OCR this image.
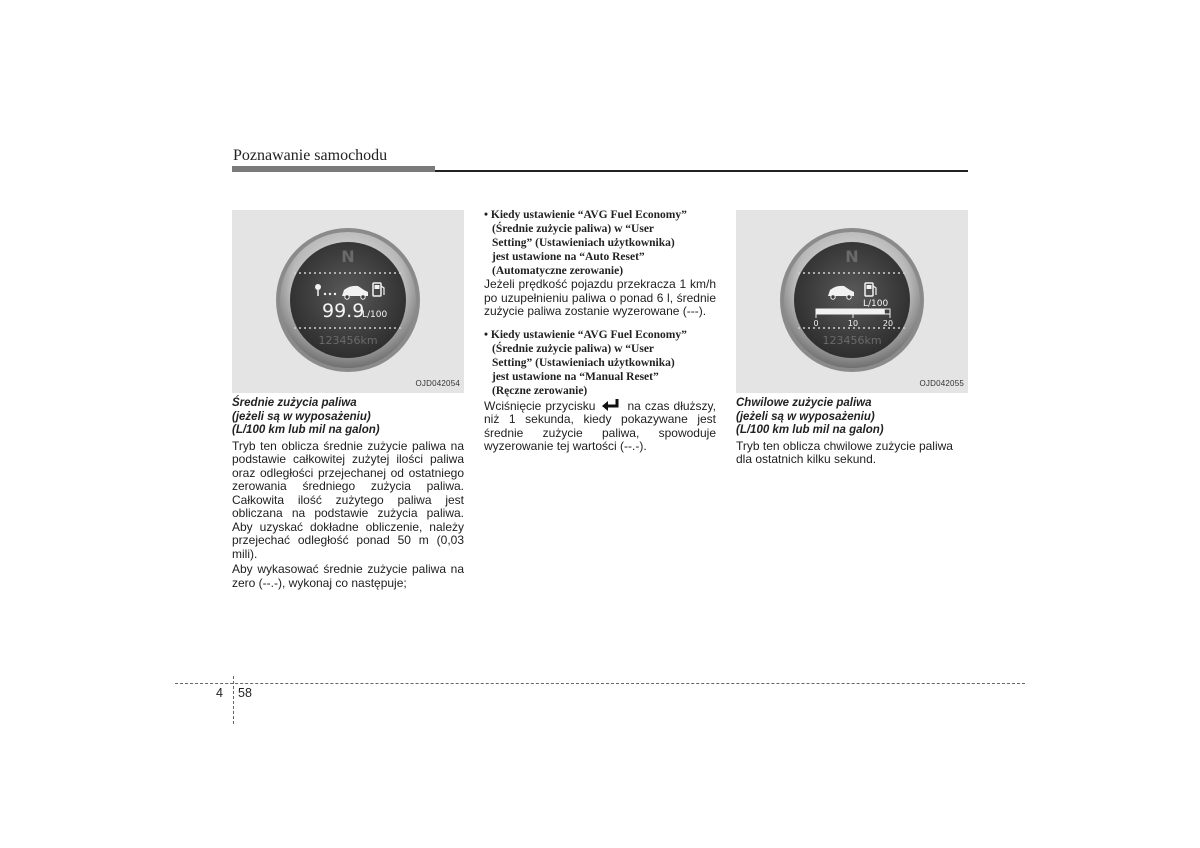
Poznawanie samochodu
N
99.9
L/100
123456km
OJD042054
Średnie zużycia paliwa
(jeżeli są w wyposażeniu)
(L/100 km lub mil na galon)
Tryb ten oblicza średnie zużycie paliwa na podstawie całkowitej zużytej ilości paliwa oraz odległości przejechanej od ostatniego zerowania średniego zużycia paliwa. Całkowita ilość zużytego paliwa jest obliczana na podstawie zużycia paliwa. Aby uzyskać dokładne obliczenie, należy przejechać odległość ponad 50 m (0,03 mili).
Aby wykasować średnie zużycie paliwa na zero (--.-), wykonaj co następuje;
• Kiedy ustawienie “AVG Fuel Economy”
(Średnie zużycie paliwa) w “User
Setting” (Ustawieniach użytkownika)
jest ustawione na “Auto Reset”
(Automatyczne zerowanie)
Jeżeli prędkość pojazdu przekracza 1 km/h po uzupełnieniu paliwa o ponad 6 l, średnie zużycie paliwa zostanie wyzerowane (---).
• Kiedy ustawienie “AVG Fuel Economy”
(Średnie zużycie paliwa) w “User
Setting” (Ustawieniach użytkownika)
jest ustawione na “Manual Reset”
(Ręczne zerowanie)
Wciśnięcie przycisku	na czas dłuższy, niż 1 sekunda, kiedy pokazywane jest średnie zużycie paliwa, spowoduje wyzerowanie tej wartości (--.-).
N
L/100
0	10	20
123456km
OJD042055
Chwilowe zużycie paliwa
(jeżeli są w wyposażeniu)
(L/100 km lub mil na galon)
Tryb ten oblicza chwilowe zużycie paliwa dla ostatnich kilku sekund.
4 58
